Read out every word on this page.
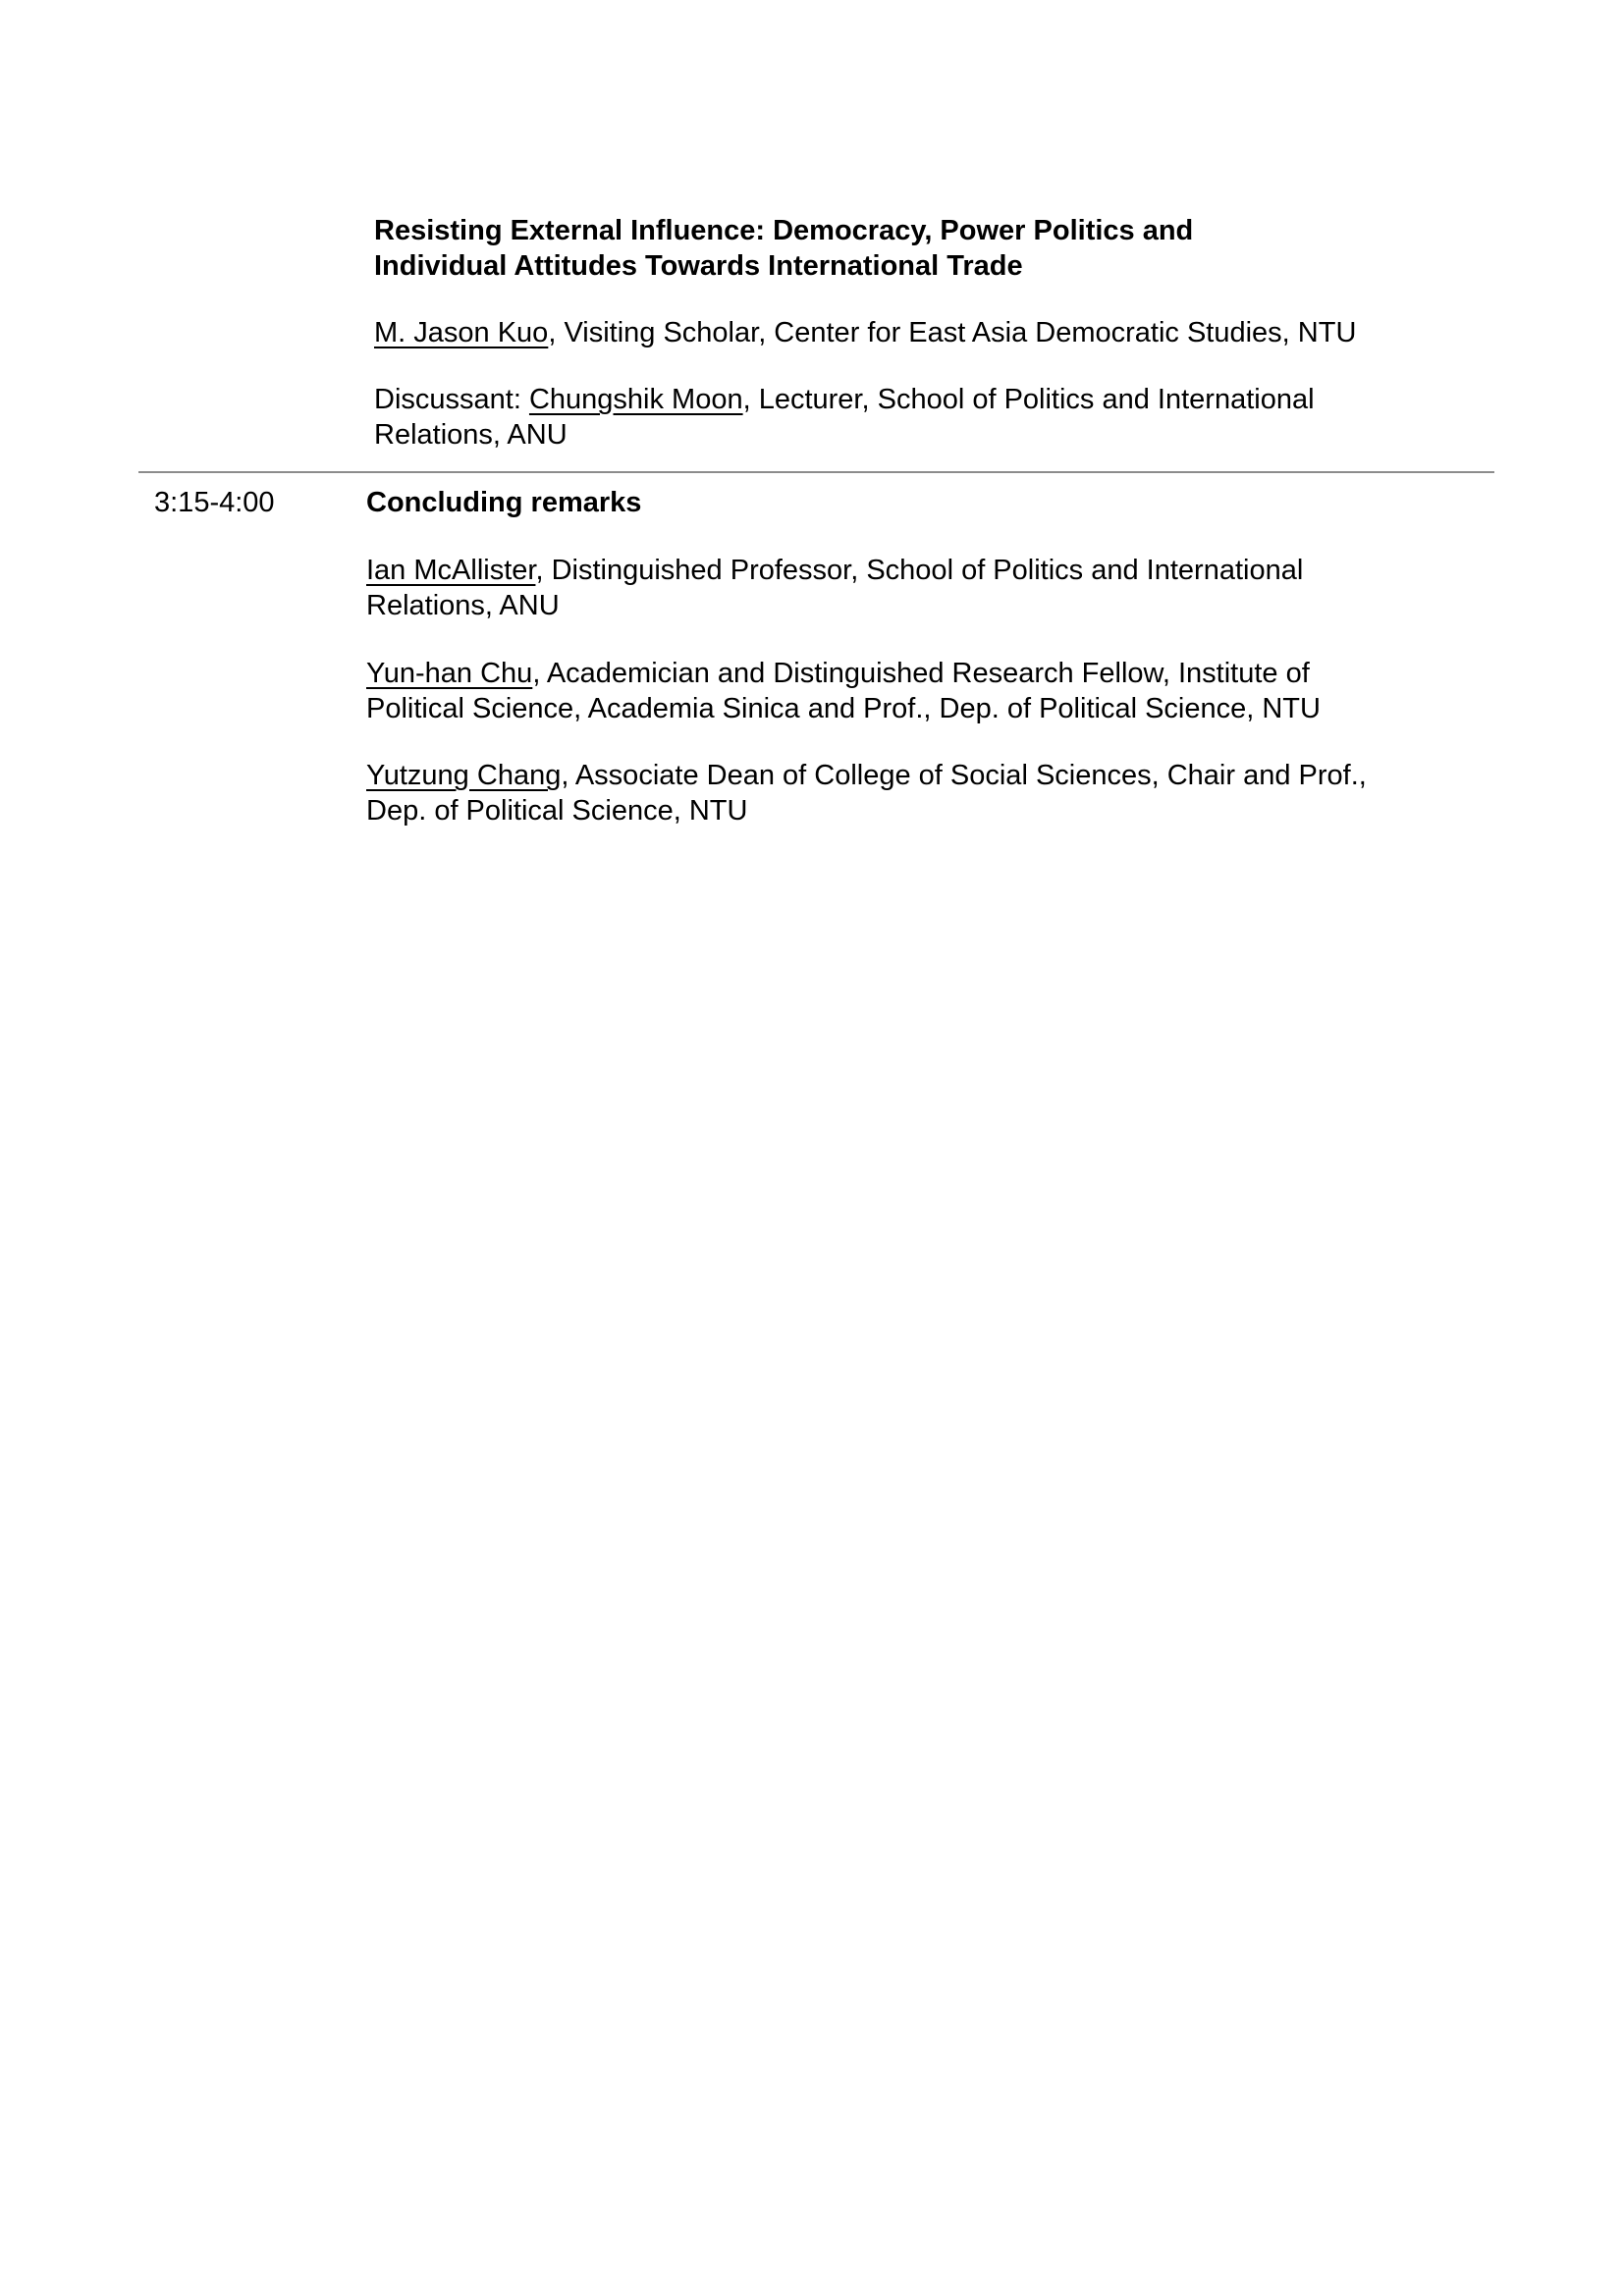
Resisting External Influence: Democracy, Power Politics and
Individual Attitudes Towards International Trade
M. Jason Kuo, Visiting Scholar, Center for East Asia Democratic Studies, NTU
Discussant: Chungshik Moon, Lecturer, School of Politics and International
Relations, ANU
3:15-4:00	Concluding remarks
Ian McAllister, Distinguished Professor, School of Politics and International
Relations, ANU
Yun-han Chu, Academician and Distinguished Research Fellow, Institute of
Political Science, Academia Sinica and Prof., Dep. of Political Science, NTU
Yutzung Chang, Associate Dean of College of Social Sciences, Chair and Prof.,
Dep. of Political Science, NTU
